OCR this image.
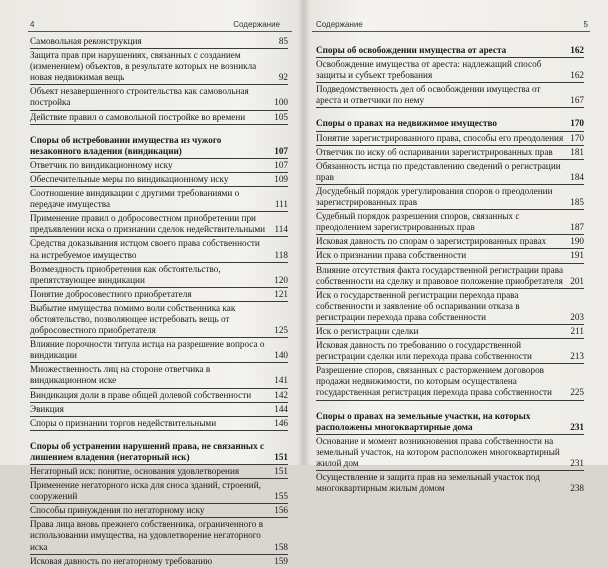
4	Содержание
Самовольная реконструкция	85
Защита прав при нарушениях, связанных с созданием (изменением) объектов, в результате которых не возникла новая недвижимая вещь	92
Объект незавершенного строительства как самовольная постройка	100
Действие правил о самовольной постройке во времени	105
Споры об истребовании имущества из чужого незаконного владения (виндикации)	107
Ответчик по виндикационному иску	107
Обеспечительные меры по виндикационному иску	109
Соотношение виндикации с другими требованиями о передаче имущества	111
Применение правил о добросовестном приобретении при предъявлении иска о признании сделок недействительными 114
Средства доказывания истцом своего права собственности на истребуемое имущество	118
Возмездность приобретения как обстоятельство, препятствующее виндикации	120
Понятие добросовестного приобретателя	121
Выбытие имущества помимо воли собственника как обстоятельство, позволяющее истребовать вещь от добросовестного приобретателя	125
Влияние порочности титула истца на разрешение вопроса о виндикации	140
Множественность лиц на стороне ответчика в виндикационном иске	141
Виндикация доли в праве общей долевой собственности	142
Эвикция	144
Споры о признании торгов недействительными	146
Споры об устранении нарушений права, не связанных с лишением владения (негаторный иск)	151
Негаторный иск: понятие, основания удовлетворения	151
Применение негаторного иска для сноса зданий, строений, сооружений	155
Способы принуждения по негаторному иску	156
Права лица вновь прежнего собственника, ограниченного в использовании имущества, на удовлетворение негаторного иска	158
Исковая давность по негаторному требованию	159
Содержание	5
Споры об освобождении имущества от ареста	162
Освобождение имущества от ареста: надлежащий способ защиты и субъект требования	162
Подведомственность дел об освобождении имущества от ареста и ответчики по нему	167
Споры о правах на недвижимое имущество	170
Понятие зарегистрированного права, способы его преодоления 170
Ответчик по иску об оспаривании зарегистрированных прав 181
Обязанность истца по представлению сведений о регистрации прав	184
Досудебный порядок урегулирования споров о преодолении зарегистрированных прав	185
Судебный порядок разрешения споров, связанных с преодолением зарегистрированных прав	187
Исковая давность по спорам о зарегистрированных правах	190
Иск о признании права собственности	191
Влияние отсутствия факта государственной регистрации права собственности на сделку и правовое положение приобретателя 201
Иск о государственной регистрации перехода права собственности и заявление об оспаривании отказа в регистрации перехода права собственности	203
Иск о регистрации сделки	211
Исковая давность по требованию о государственной регистрации сделки или перехода права собственности	213
Разрешение споров, связанных с расторжением договоров продажи недвижимости, по которым осуществлена государственная регистрация перехода права собственности 225
Споры о правах на земельные участки, на которых расположены многоквартирные дома	231
Основание и момент возникновения права собственности на земельный участок, на котором расположен многоквартирный жилой дом	231
Осуществление и защита прав на земельный участок под многоквартирным жилым домом	238
